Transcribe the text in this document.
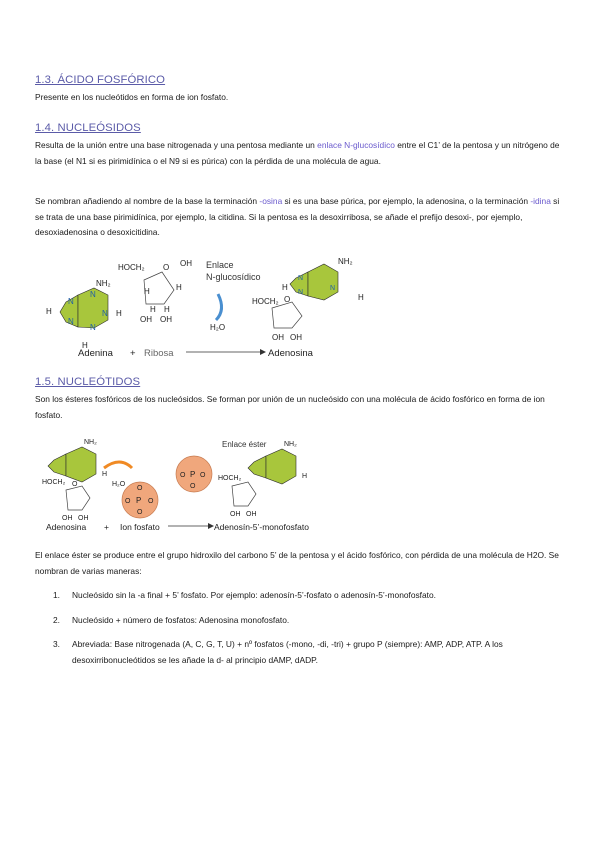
1.3. ÁCIDO FOSFÓRICO
Presente en los nucleótidos en forma de ion fosfato.
1.4. NUCLEÓSIDOS
Resulta de la unión entre una base nitrogenada y una pentosa mediante un enlace N-glucosídico entre el C1’ de la pentosa y un nitrógeno de la base (el N1 si es pirimidínica o el N9 si es púrica) con la pérdida de una molécula de agua.
Se nombran añadiendo al nombre de la base la terminación -osina si es una base púrica, por ejemplo, la adenosina, o la terminación -idina si se trata de una base pirimidínica, por ejemplo, la citidina. Si la pentosa es la desoxirribosa, se añade el prefijo desoxi-, por ejemplo, desoxiadenosina o desoxicitidina.
N
N
N
N
N
NH₂
H	H
H
Adenina +
HOCH₂ O OH
H	H
H H
OH OH
Ribosa	Adenosina
Enlace
N-glucosídico
H₂O
N
N
N
NH₂
H
H
HOCH₂ O
OH OH
1.5. NUCLEÓTIDOS
Son los ésteres fosfóricos de los nucleósidos. Se forman por unión de un nucleósido con una molécula de ácido fosfórico en forma de ion fosfato.
NH₂
H
HOCH₂ O
OH OH
Adenosina +
P
O
O
O	O
Ion fosfato
H₂O
Adenosín-5’-monofosfato
P
O O
O
Enlace éster	NH₂
H
HOCH₂
OH OH
El enlace éster se produce entre el grupo hidroxilo del carbono 5’ de la pentosa y el ácido fosfórico, con pérdida de una molécula de H2O. Se nombran de varias maneras:
1. Nucleósido sin la -a final + 5’ fosfato. Por ejemplo: adenosín-5’-fosfato o adenosín-5’-monofosfato.
2. Nucleósido + número de fosfatos: Adenosina monofosfato.
3. Abreviada: Base nitrogenada (A, C, G, T, U) + nº fosfatos (-mono, -di, -tri) + grupo P (siempre): AMP, ADP, ATP. A los desoxirribonucleótidos se les añade la d- al principio dAMP, dADP.
